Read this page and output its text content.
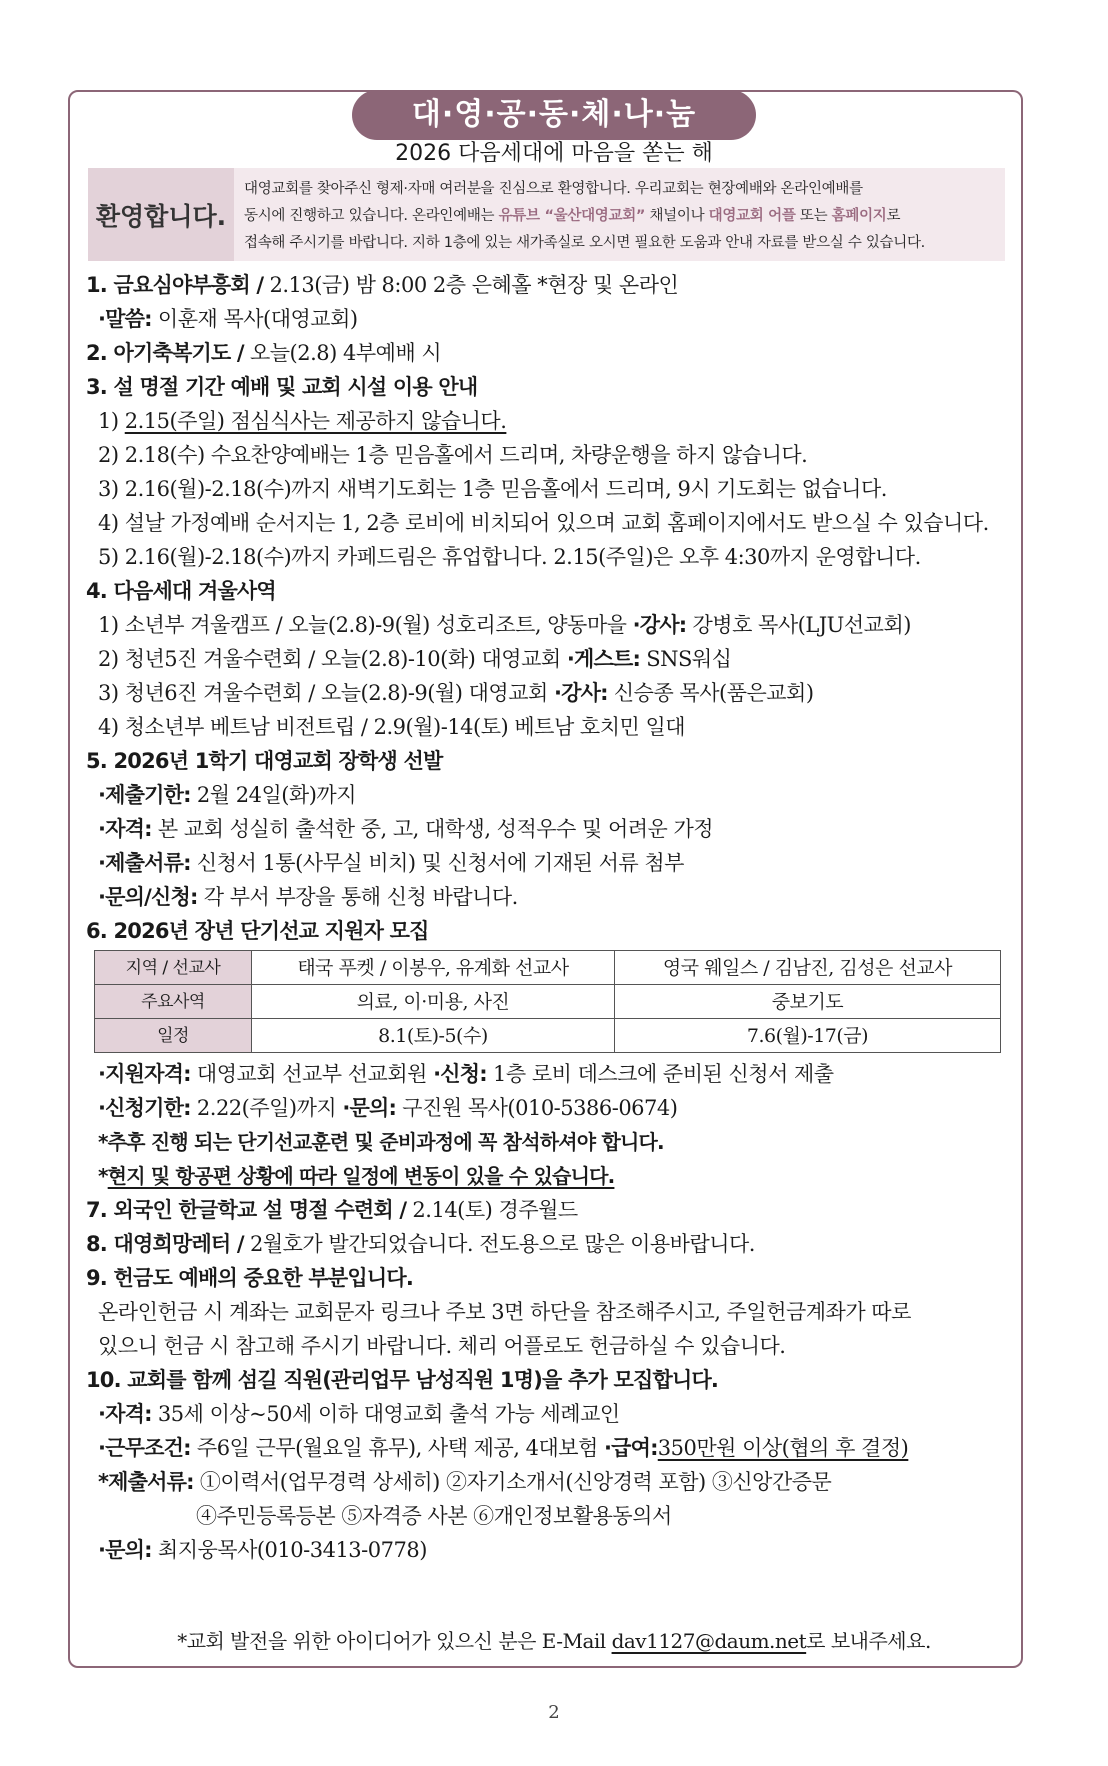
대·영·공·동·체·나·눔
2026 다음세대에 마음을 쏟는 해
환영합니다.
대영교회를 찾아주신 형제·자매 여러분을 진심으로 환영합니다. 우리교회는 현장예배와 온라인예배를
동시에 진행하고 있습니다. 온라인예배는 유튜브 “울산대영교회” 채널이나 대영교회 어플 또는 홈페이지로
접속해 주시기를 바랍니다. 지하 1층에 있는 새가족실로 오시면 필요한 도움과 안내 자료를 받으실 수 있습니다.
1. 금요심야부흥회 / 2.13(금) 밤 8:00 2층 은혜홀 *현장 및 온라인
·말씀: 이훈재 목사(대영교회)
2. 아기축복기도 / 오늘(2.8) 4부예배 시
3. 설 명절 기간 예배 및 교회 시설 이용 안내
1) 2.15(주일) 점심식사는 제공하지 않습니다.
2) 2.18(수) 수요찬양예배는 1층 믿음홀에서 드리며, 차량운행을 하지 않습니다.
3) 2.16(월)-2.18(수)까지 새벽기도회는 1층 믿음홀에서 드리며, 9시 기도회는 없습니다.
4) 설날 가정예배 순서지는 1, 2층 로비에 비치되어 있으며 교회 홈페이지에서도 받으실 수 있습니다.
5) 2.16(월)-2.18(수)까지 카페드림은 휴업합니다. 2.15(주일)은 오후 4:30까지 운영합니다.
4. 다음세대 겨울사역
1) 소년부 겨울캠프 / 오늘(2.8)-9(월) 성호리조트, 양동마을 ·강사: 강병호 목사(LJU선교회)
2) 청년5진 겨울수련회 / 오늘(2.8)-10(화) 대영교회 ·게스트: SNS워십
3) 청년6진 겨울수련회 / 오늘(2.8)-9(월) 대영교회 ·강사: 신승종 목사(품은교회)
4) 청소년부 베트남 비전트립 / 2.9(월)-14(토) 베트남 호치민 일대
5. 2026년 1학기 대영교회 장학생 선발
·제출기한: 2월 24일(화)까지
·자격: 본 교회 성실히 출석한 중, 고, 대학생, 성적우수 및 어려운 가정
·제출서류: 신청서 1통(사무실 비치) 및 신청서에 기재된 서류 첨부
·문의/신청: 각 부서 부장을 통해 신청 바랍니다.
6. 2026년 장년 단기선교 지원자 모집
지역 / 선교사	태국 푸켓 / 이봉우, 유계화 선교사	영국 웨일스 / 김남진, 김성은 선교사
주요사역	의료, 이·미용, 사진	중보기도
일정	8.1(토)-5(수)	7.6(월)-17(금)
·지원자격: 대영교회 선교부 선교회원 ·신청: 1층 로비 데스크에 준비된 신청서 제출
·신청기한: 2.22(주일)까지 ·문의: 구진원 목사(010-5386-0674)
*추후 진행 되는 단기선교훈련 및 준비과정에 꼭 참석하셔야 합니다.
*현지 및 항공편 상황에 따라 일정에 변동이 있을 수 있습니다.
7. 외국인 한글학교 설 명절 수련회 / 2.14(토) 경주월드
8. 대영희망레터 / 2월호가 발간되었습니다. 전도용으로 많은 이용바랍니다.
9. 헌금도 예배의 중요한 부분입니다.
온라인헌금 시 계좌는 교회문자 링크나 주보 3면 하단을 참조해주시고, 주일헌금계좌가 따로
있으니 헌금 시 참고해 주시기 바랍니다. 체리 어플로도 헌금하실 수 있습니다.
10. 교회를 함께 섬길 직원(관리업무 남성직원 1명)을 추가 모집합니다.
·자격: 35세 이상~50세 이하 대영교회 출석 가능 세례교인
·근무조건: 주6일 근무(월요일 휴무), 사택 제공, 4대보험 ·급여:350만원 이상(협의 후 결정)
*제출서류: ①이력서(업무경력 상세히) ②자기소개서(신앙경력 포함) ③신앙간증문
④주민등록등본 ⑤자격증 사본 ⑥개인정보활용동의서
·문의: 최지웅목사(010-3413-0778)
*교회 발전을 위한 아이디어가 있으신 분은 E-Mail dav1127@daum.net로 보내주세요.
2
